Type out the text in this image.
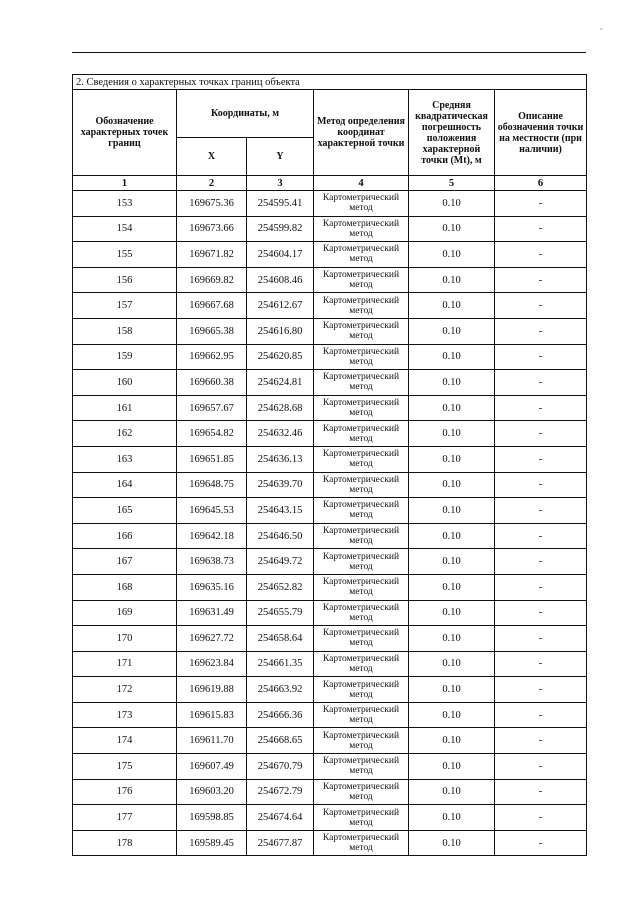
ᵕ
2. Сведения о характерных точках границ объекта					
Обозначение характерных точек границ	Координаты, м		Метод определения координат характерной точки	Средняя квадратическая погрешность положения характерной точки (Mt), м	Описание обозначения точки на местности (при наличии)
	X	Y			
1	2	3	4	5	6
153	169675.36	254595.41	Картометрический метод	0.10	-
154	169673.66	254599.82	Картометрический метод	0.10	-
155	169671.82	254604.17	Картометрический метод	0.10	-
156	169669.82	254608.46	Картометрический метод	0.10	-
157	169667.68	254612.67	Картометрический метод	0.10	-
158	169665.38	254616.80	Картометрический метод	0.10	-
159	169662.95	254620.85	Картометрический метод	0.10	-
160	169660.38	254624.81	Картометрический метод	0.10	-
161	169657.67	254628.68	Картометрический метод	0.10	-
162	169654.82	254632.46	Картометрический метод	0.10	-
163	169651.85	254636.13	Картометрический метод	0.10	-
164	169648.75	254639.70	Картометрический метод	0.10	-
165	169645.53	254643.15	Картометрический метод	0.10	-
166	169642.18	254646.50	Картометрический метод	0.10	-
167	169638.73	254649.72	Картометрический метод	0.10	-
168	169635.16	254652.82	Картометрический метод	0.10	-
169	169631.49	254655.79	Картометрический метод	0.10	-
170	169627.72	254658.64	Картометрический метод	0.10	-
171	169623.84	254661.35	Картометрический метод	0.10	-
172	169619.88	254663.92	Картометрический метод	0.10	-
173	169615.83	254666.36	Картометрический метод	0.10	-
174	169611.70	254668.65	Картометрический метод	0.10	-
175	169607.49	254670.79	Картометрический метод	0.10	-
176	169603.20	254672.79	Картометрический метод	0.10	-
177	169598.85	254674.64	Картометрический метод	0.10	-
178	169589.45	254677.87	Картометрический метод	0.10	-
